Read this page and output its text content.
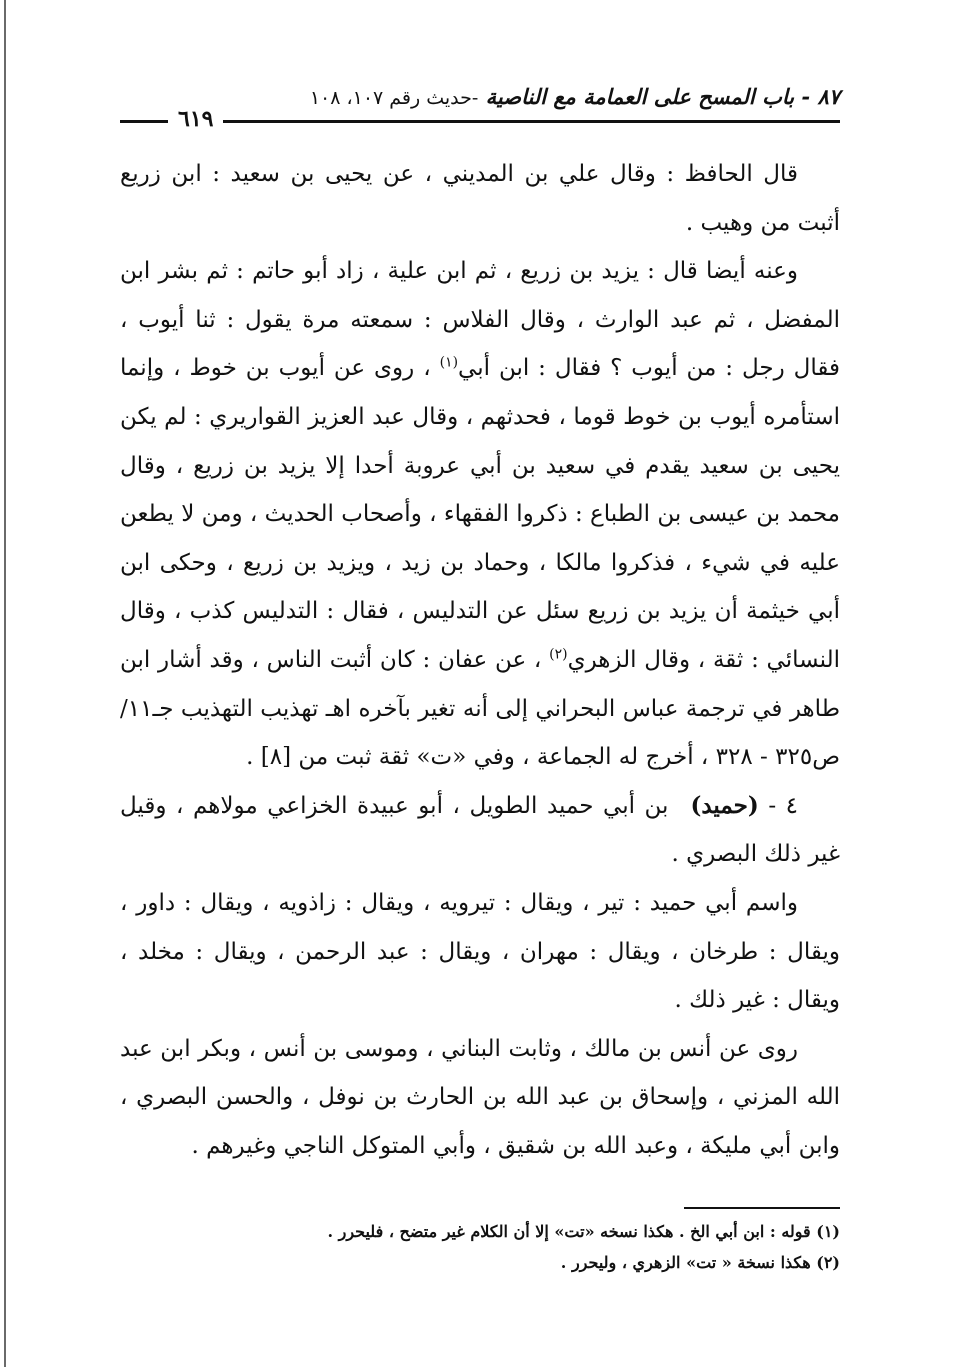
٨٧ - باب المسح على العمامة مع الناصية -حديث رقم ١٠٧، ١٠٨
٦١٩

قال الحافظ : وقال علي بن المديني ، عن يحيى بن سعيد : ابن زريع أثبت من وهيب .

وعنه أيضا قال : يزيد بن زريع ، ثم ابن علية ، زاد أبو حاتم : ثم بشر ابن المفضل ، ثم عبد الوارث ، وقال الفلاس : سمعته مرة يقول : ثنا أيوب ، فقال رجل : من أيوب ؟ فقال : ابن أبي$^{(١)}$ ، روى عن أيوب بن خوط ، وإنما استأمره أيوب بن خوط قوما ، فحدثهم ، وقال عبد العزيز القواريري : لم يكن يحيى بن سعيد يقدم في سعيد بن أبي عروبة أحدا إلا يزيد بن زريع ، وقال محمد بن عيسى بن الطباع : ذكروا الفقهاء ، وأصحاب الحديث ، ومن لا يطعن عليه في شيء ، فذكروا مالكا ، وحماد بن زيد ، ويزيد بن زريع ، وحكى ابن أبي خيثمة أن يزيد بن زريع سئل عن التدليس ، فقال : التدليس كذب ، وقال النسائي : ثقة ، وقال الزهري$^{(٢)}$ ، عن عفان : كان أثبت الناس ، وقد أشار ابن طاهر في ترجمة عباس البحراني إلى أنه تغير بآخره اهـ تهذيب التهذيب جـ١١/ ص٣٢٥ - ٣٢٨ ، أخرج له الجماعة ، وفي «ت» ثقة ثبت من [٨] .

٤ - (حميد)بن أبي حميد الطويل ، أبو عبيدة الخزاعي مولاهم ، وقيل غير ذلك البصري .

واسم أبي حميد : تير ، ويقال : تيرويه ، ويقال : زاذويه ، ويقال : داور ، ويقال : طرخان ، ويقال : مهران ، ويقال : عبد الرحمن ، ويقال : مخلد ، ويقال : غير ذلك .

روى عن أنس بن مالك ، وثابت البناني ، وموسى بن أنس ، وبكر ابن عبد الله المزني ، وإسحاق بن عبد الله بن الحارث بن نوفل ، والحسن البصري ، وابن أبي مليكة ، وعبد الله بن شقيق ، وأبي المتوكل الناجي وغيرهم .

(١) قوله : ابن أبي الخ . هكذا نسخه «تت» إلا أن الكلام غير متضح ، فليحرر .

(٢) هكذا نسخة « تت» الزهري ، وليحرر .
